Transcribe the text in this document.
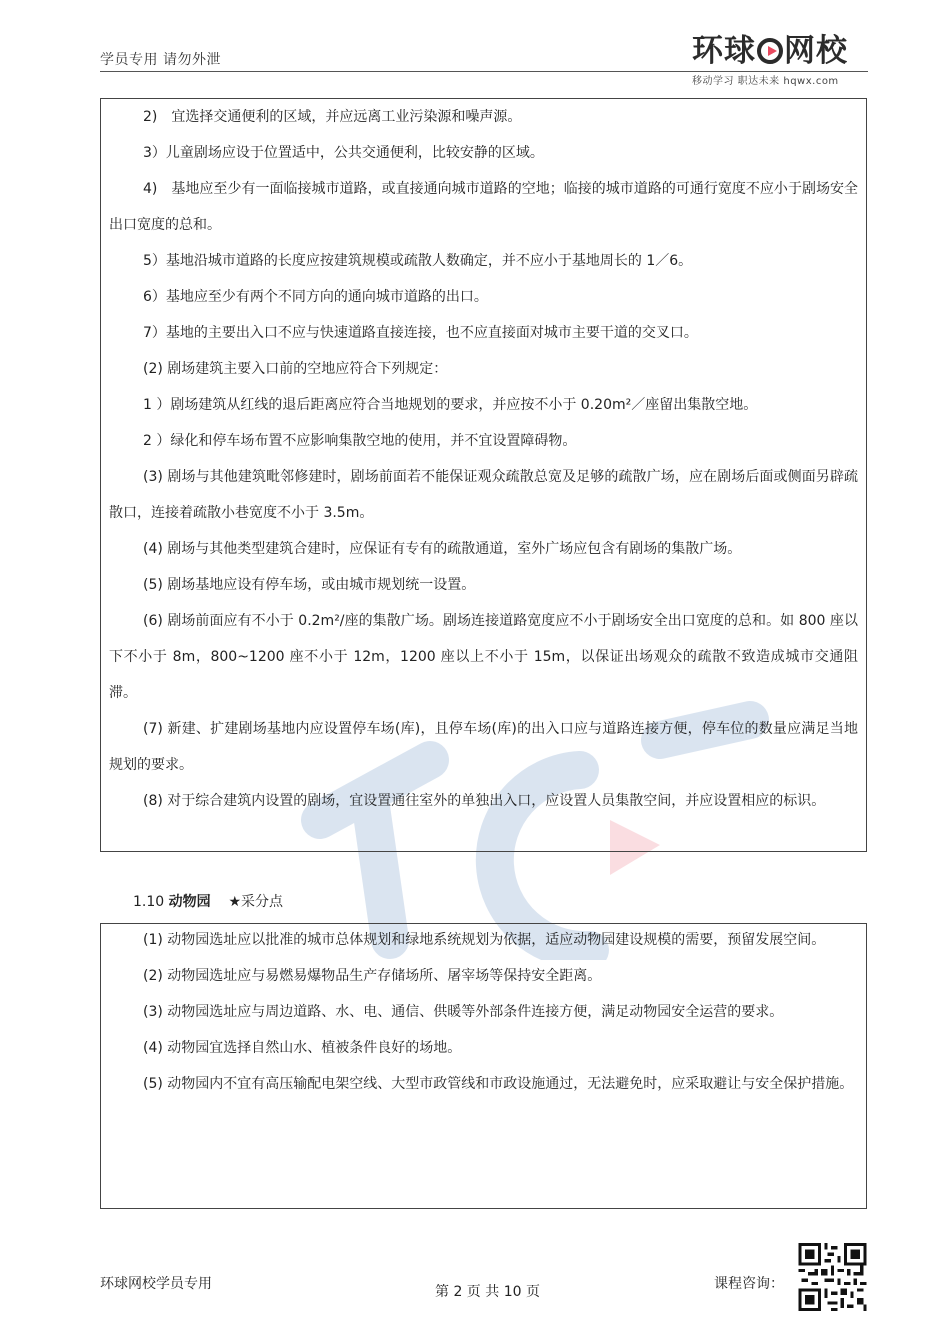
学员专用 请勿外泄	环球 网校
移动学习 职达未来 hqwx.com

2)　宜选择交通便利的区域，并应远离工业污染源和噪声源。

3）儿童剧场应设于位置适中，公共交通便利，比较安静的区域。

4)　基地应至少有一面临接城市道路，或直接通向城市道路的空地；临接的城市道路的可通行宽度不应小于剧场安全出口宽度的总和。

5）基地沿城市道路的长度应按建筑规模或疏散人数确定，并不应小于基地周长的 1／6。

6）基地应至少有两个不同方向的通向城市道路的出口。

7）基地的主要出入口不应与快速道路直接连接，也不应直接面对城市主要干道的交叉口。

(2) 剧场建筑主要入口前的空地应符合下列规定：

1 ）剧场建筑从红线的退后距离应符合当地规划的要求，并应按不小于 0.20m²／座留出集散空地。

2 ）绿化和停车场布置不应影响集散空地的使用，并不宜设置障碍物。

(3) 剧场与其他建筑毗邻修建时，剧场前面若不能保证观众疏散总宽及足够的疏散广场，应在剧场后面或侧面另辟疏散口，连接着疏散小巷宽度不小于 3.5m。

(4) 剧场与其他类型建筑合建时，应保证有专有的疏散通道，室外广场应包含有剧场的集散广场。

(5) 剧场基地应设有停车场，或由城市规划统一设置。

(6) 剧场前面应有不小于 0.2m²/座的集散广场。剧场连接道路宽度应不小于剧场安全出口宽度的总和。如 800 座以下不小于 8m，800~1200 座不小于 12m，1200 座以上不小于 15m，以保证出场观众的疏散不致造成城市交通阻滞。

(7) 新建、扩建剧场基地内应设置停车场(库)，且停车场(库)的出入口应与道路连接方便，停车位的数量应满足当地规划的要求。

(8) 对于综合建筑内设置的剧场，宜设置通往室外的单独出入口，应设置人员集散空间，并应设置相应的标识。

1.10 动物园 ★采分点

(1) 动物园选址应以批准的城市总体规划和绿地系统规划为依据，适应动物园建设规模的需要，预留发展空间。

(2) 动物园选址应与易燃易爆物品生产存储场所、屠宰场等保持安全距离。

(3) 动物园选址应与周边道路、水、电、通信、供暖等外部条件连接方便，满足动物园安全运营的要求。

(4) 动物园宜选择自然山水、植被条件良好的场地。

(5) 动物园内不宜有高压输配电架空线、大型市政管线和市政设施通过，无法避免时，应采取避让与安全保护措施。

环球网校学员专用	第 2 页 共 10 页	课程咨询：
